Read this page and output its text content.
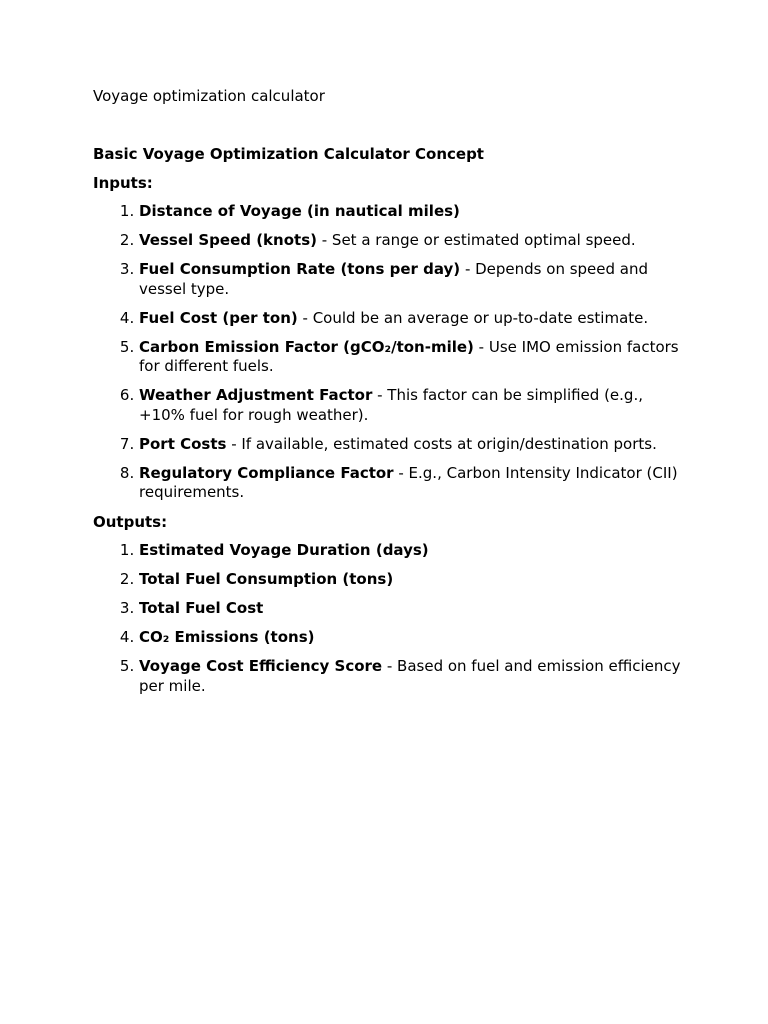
Voyage optimization calculator

Basic Voyage Optimization Calculator Concept

Inputs:
1. Distance of Voyage (in nautical miles)
2. Vessel Speed (knots) - Set a range or estimated optimal speed.
3. Fuel Consumption Rate (tons per day) - Depends on speed and vessel type.
4. Fuel Cost (per ton) - Could be an average or up-to-date estimate.
5. Carbon Emission Factor (gCO₂/ton-mile) - Use IMO emission factors for different fuels.
6. Weather Adjustment Factor - This factor can be simplified (e.g., +10% fuel for rough weather).
7. Port Costs - If available, estimated costs at origin/destination ports.
8. Regulatory Compliance Factor - E.g., Carbon Intensity Indicator (CII) requirements.
Outputs:
1. Estimated Voyage Duration (days)
2. Total Fuel Consumption (tons)
3. Total Fuel Cost
4. CO₂ Emissions (tons)
5. Voyage Cost Efficiency Score - Based on fuel and emission efficiency per mile.
